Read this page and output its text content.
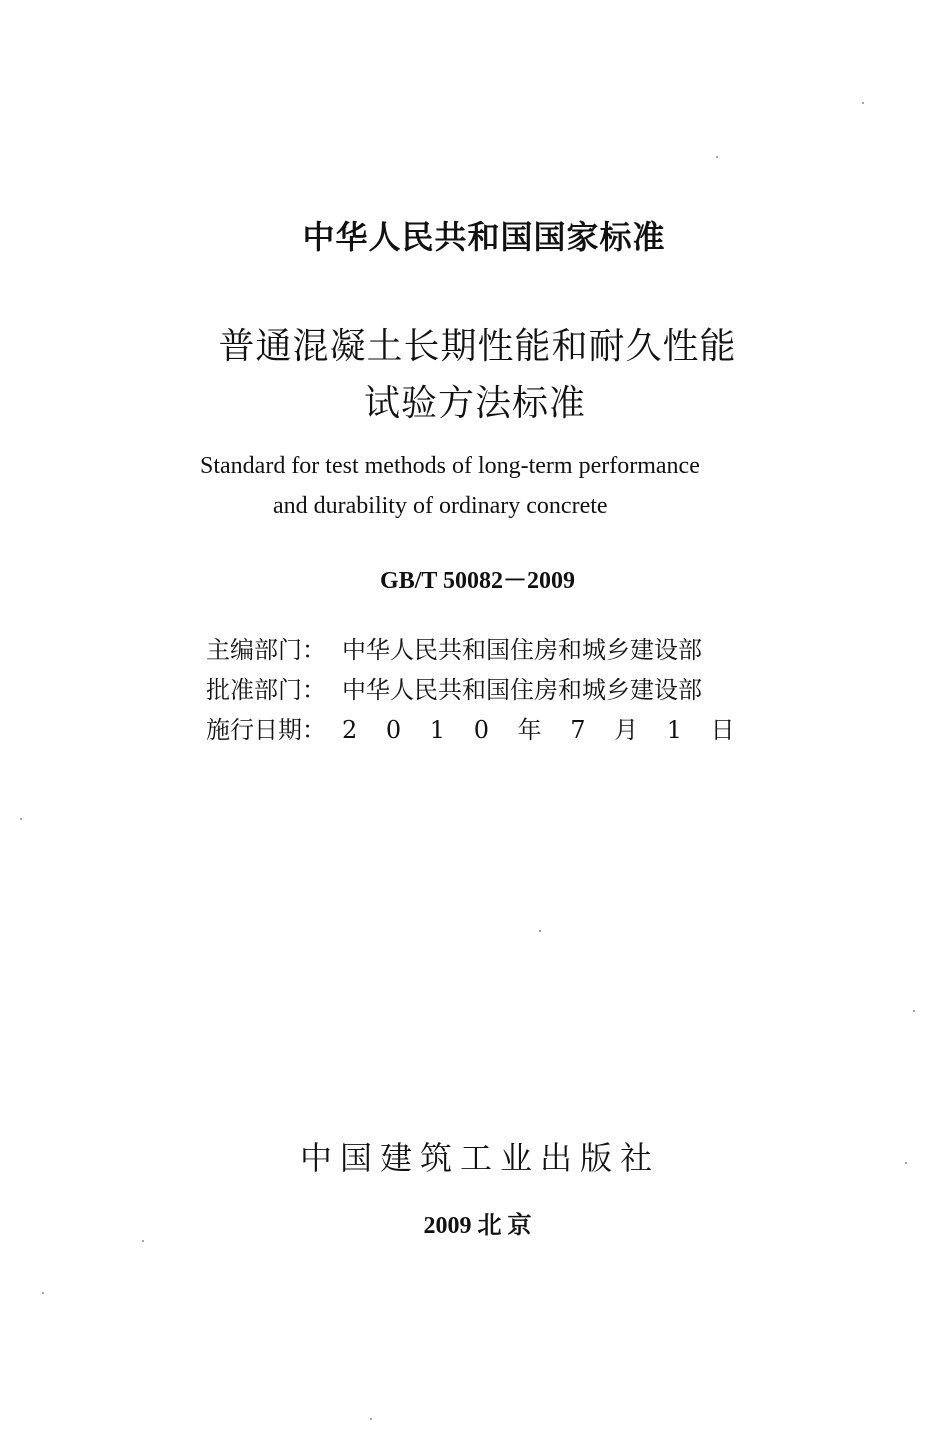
中华人民共和国国家标准
普通混凝土长期性能和耐久性能
试验方法标准
Standard for test methods of long-term performance
and durability of ordinary concrete
GB/T 50082－2009
主编部门： 中华人民共和国住房和城乡建设部
批准部门： 中华人民共和国住房和城乡建设部
施行日期： 2 0 1 0 年 7 月 1 日
中国建筑工业出版社
2009 北 京
